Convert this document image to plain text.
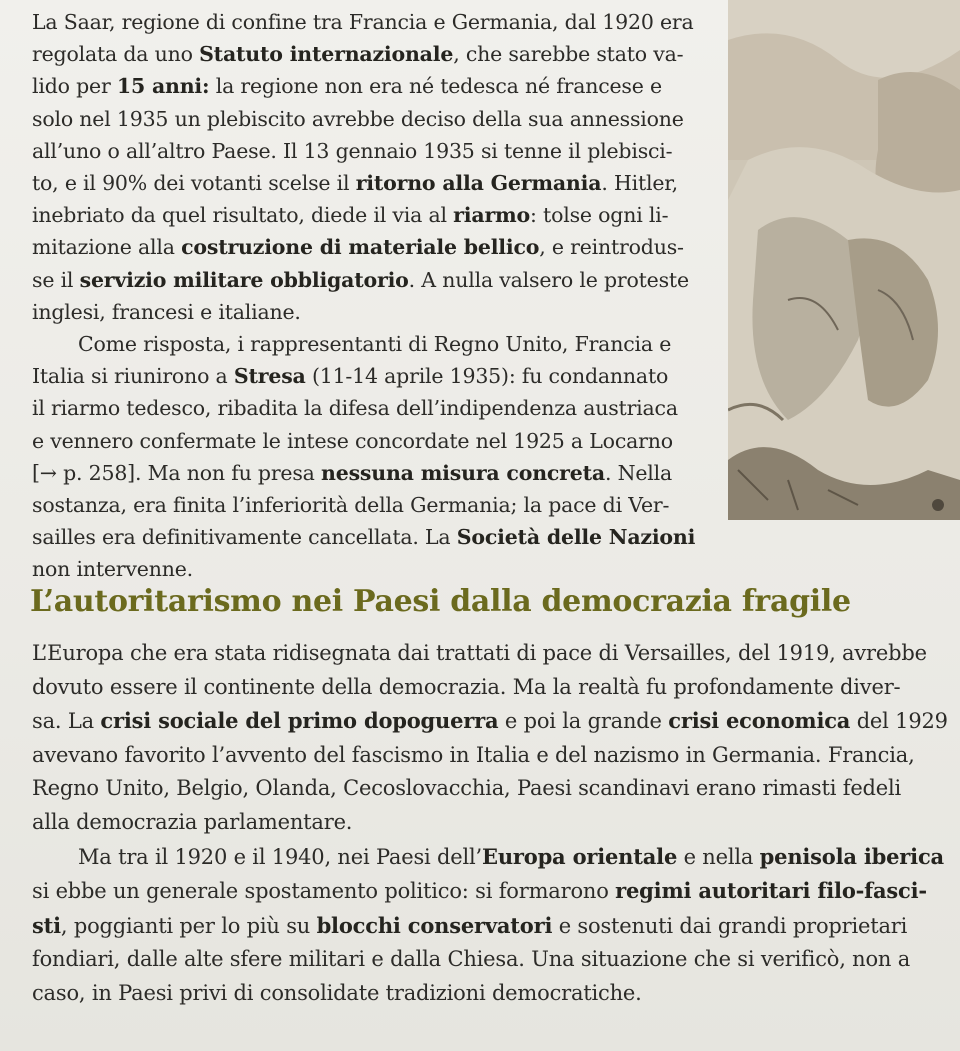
La Saar, regione di confine tra Francia e Germania, dal 1920 era
regolata da uno Statuto internazionale, che sarebbe stato va-
lido per 15 anni: la regione non era né tedesca né francese e
solo nel 1935 un plebiscito avrebbe deciso della sua annessione
all’uno o all’altro Paese. Il 13 gennaio 1935 si tenne il plebisci-
to, e il 90% dei votanti scelse il ritorno alla Germania. Hitler,
inebriato da quel risultato, diede il via al riarmo: tolse ogni li-
mitazione alla costruzione di materiale bellico, e reintrodus-
se il servizio militare obbligatorio. A nulla valsero le proteste
inglesi, francesi e italiane.

Come risposta, i rappresentanti di Regno Unito, Francia e
Italia si riunirono a Stresa (11-14 aprile 1935): fu condannato
il riarmo tedesco, ribadita la difesa dell’indipendenza austriaca
e vennero confermate le intese concordate nel 1925 a Locarno
[→ p. 258]. Ma non fu presa nessuna misura concreta. Nella
sostanza, era finita l’inferiorità della Germania; la pace di Ver-
sailles era definitivamente cancellata. La Società delle Nazioni
non intervenne.

L’autoritarismo nei Paesi dalla democrazia fragile

L’Europa che era stata ridisegnata dai trattati di pace di Versailles, del 1919, avrebbe
dovuto essere il continente della democrazia. Ma la realtà fu profondamente diver-
sa. La crisi sociale del primo dopoguerra e poi la grande crisi economica del 1929
avevano favorito l’avvento del fascismo in Italia e del nazismo in Germania. Francia,
Regno Unito, Belgio, Olanda, Cecoslovacchia, Paesi scandinavi erano rimasti fedeli
alla democrazia parlamentare.

Ma tra il 1920 e il 1940, nei Paesi dell’Europa orientale e nella penisola iberica
si ebbe un generale spostamento politico: si formarono regimi autoritari filo-fasci-
sti, poggianti per lo più su blocchi conservatori e sostenuti dai grandi proprietari
fondiari, dalle alte sfere militari e dalla Chiesa. Una situazione che si verificò, non a
caso, in Paesi privi di consolidate tradizioni democratiche.
